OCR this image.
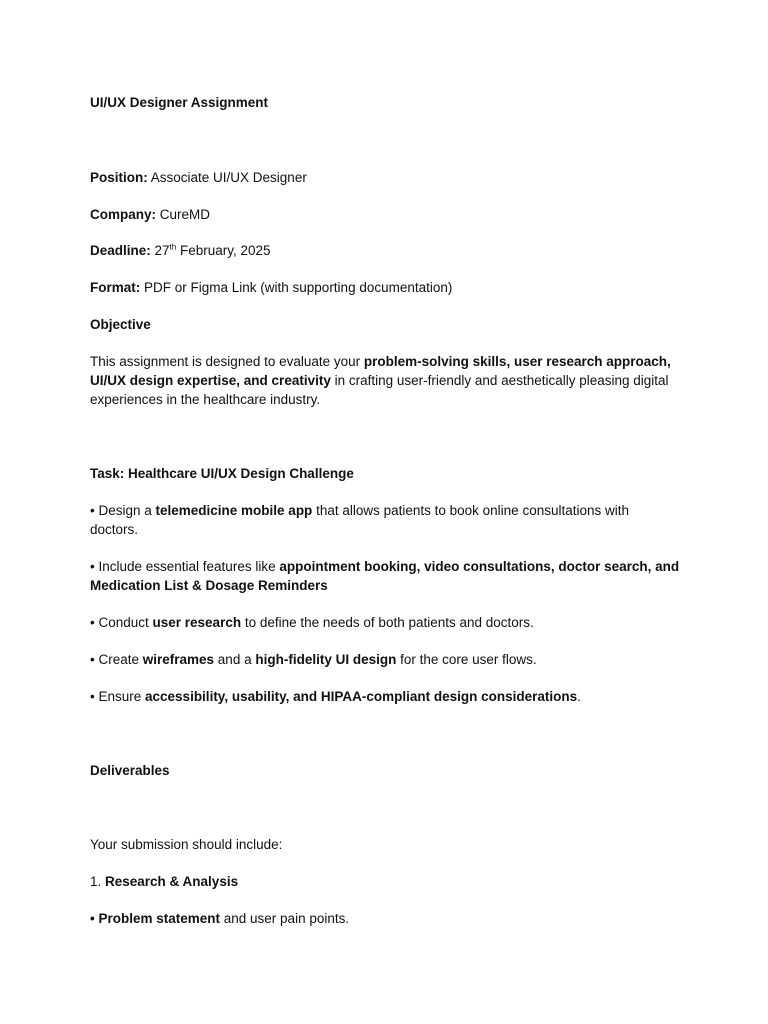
UI/UX Designer Assignment
Position: Associate UI/UX Designer
Company: CureMD
Deadline: 27th February, 2025
Format: PDF or Figma Link (with supporting documentation)
Objective
This assignment is designed to evaluate your problem-solving skills, user research approach, UI/UX design expertise, and creativity in crafting user-friendly and aesthetically pleasing digital experiences in the healthcare industry.
Task: Healthcare UI/UX Design Challenge
• Design a telemedicine mobile app that allows patients to book online consultations with doctors.
• Include essential features like appointment booking, video consultations, doctor search, and Medication List & Dosage Reminders
• Conduct user research to define the needs of both patients and doctors.
• Create wireframes and a high-fidelity UI design for the core user flows.
• Ensure accessibility, usability, and HIPAA-compliant design considerations.
Deliverables
Your submission should include:
1. Research & Analysis
• Problem statement and user pain points.
